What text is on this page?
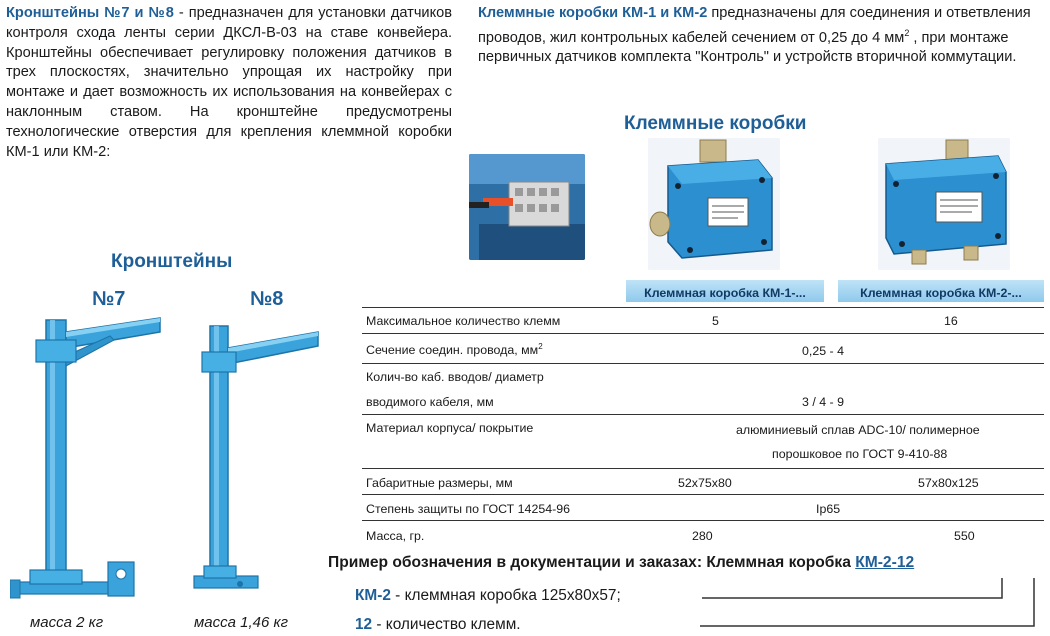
Кронштейны №7 и №8 - предназначен для установки датчиков контроля схода ленты серии ДКСЛ-В-03 на ставе конвейера. Кронштейны обеспечивает регулировку положения датчиков в трех плоскостях, значительно упрощая их настройку при монтаже и дает возможность их использования на конвейерах с наклонным ставом. На кронштейне предусмотрены технологические отверстия для крепления клеммной коробки КМ-1 или КМ-2:
Клеммные коробки КМ-1 и КМ-2 предназначены для соединения и ответвления проводов, жил контрольных кабелей сечением от 0,25 до 4 $мм^2$ , при монтаже первичных датчиков комплекта "Контроль" и устройств вторичной коммутации.
Кронштейны
Клеммные коробки
№7	№8
масса 2 кг	масса 1,46 кг
Клеммная коробка КМ-1-...	Клеммная коробка КМ-2-...
Максимальное количество клемм	5	16
Сечение соедин. провода, $мм^2$	0,25 - 4
Колич-во каб. вводов/ диаметр
вводимого кабеля, мм	3 / 4 - 9
Материал корпуса/ покрытие	алюминиевый сплав ADC-10/ полимерное
порошковое по ГОСТ 9-410-88
Габаритные размеры, мм	52х75х80	57х80х125
Степень защиты по ГОСТ 14254-96	Ip65
Масса, гр.	280	550
Пример обозначения в документации и заказах: Клеммная коробка КМ-2-12
КМ-2 - клеммная коробка 125х80х57;
12 - количество клемм.
